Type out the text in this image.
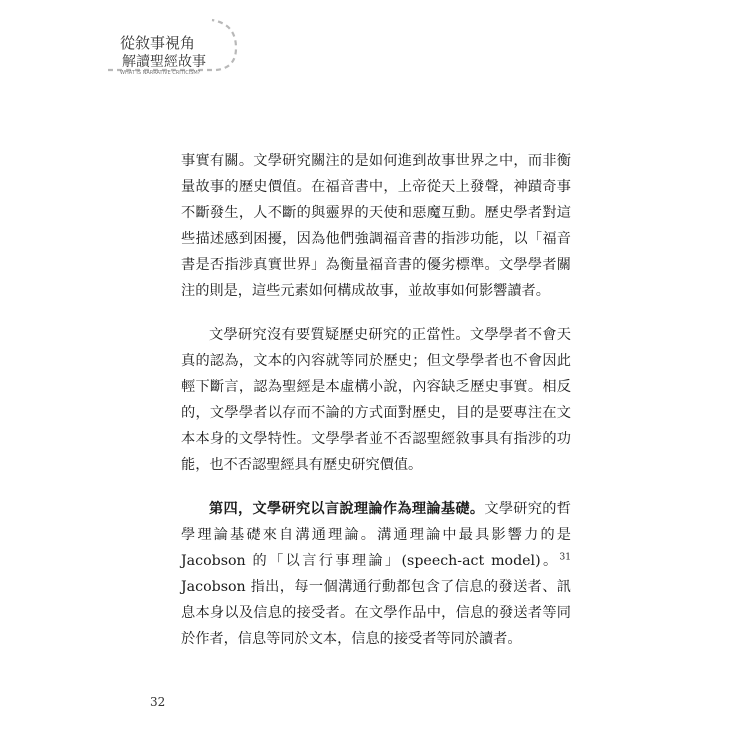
從敘事視角
解讀聖經故事
WHAT IS NARRATIVE CRITICISM?

事實有關。文學研究關注的是如何進到故事世界之中，而非衡量故事的歷史價值。在福音書中，上帝從天上發聲，神蹟奇事不斷發生，人不斷的與靈界的天使和惡魔互動。歷史學者對這些描述感到困擾，因為他們強調福音書的指涉功能，以「福音書是否指涉真實世界」為衡量福音書的優劣標準。文學學者關注的則是，這些元素如何構成故事，並故事如何影響讀者。

文學研究沒有要質疑歷史研究的正當性。文學學者不會天真的認為，文本的內容就等同於歷史；但文學學者也不會因此輕下斷言，認為聖經是本虛構小說，內容缺乏歷史事實。相反的，文學學者以存而不論的方式面對歷史，目的是要專注在文本本身的文學特性。文學學者並不否認聖經敘事具有指涉的功能，也不否認聖經具有歷史研究價值。

第四，文學研究以言說理論作為理論基礎。文學研究的哲學理論基礎來自溝通理論。溝通理論中最具影響力的是 Jacobson 的「以言行事理論」(speech-act model)。$^{31}$ Jacobson 指出，每一個溝通行動都包含了信息的發送者、訊息本身以及信息的接受者。在文學作品中，信息的發送者等同於作者，信息等同於文本，信息的接受者等同於讀者。

32
